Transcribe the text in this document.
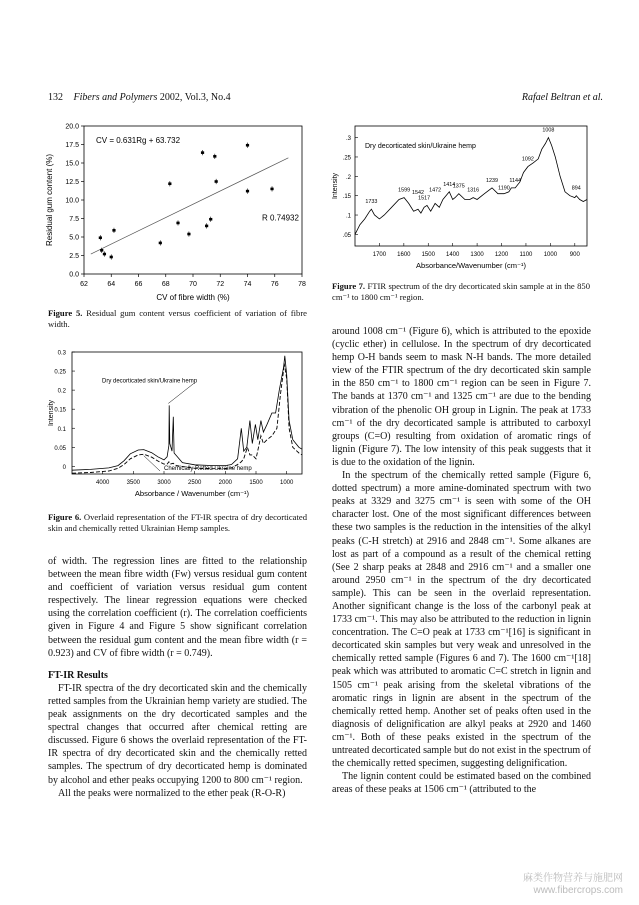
132 Fibers and Polymers 2002, Vol.3, No.4	Rafael Beltran et al.
0.0
2.5
5.0
7.5
10.0
12.5
15.0
17.5
20.0
62	64	66	68	70	72	74	76	78
CV of fibre width (%)
Residual gum content (%)
CV = 0.631Rg + 63.732
R 0.74932
0.3
0.25
0.2
0.15
0.1
0.05
0
4000	3500	3000	2500	2000	1500	1000
Absorbance / Wavenumber (cm⁻¹)
Intensity
Dry decorticated skin/Ukraine hemp
Chemically Retted Ukraine hemp
.3
.25
.2
.15
.1
.05
1700 1600 1500 1400 1300 1200 1100 1000 900
Absorbance/Wavenumber (cm⁻¹)
Intensity
Dry decorticated skin/Ukraine hemp
1733
1599 1542
1517
1472
1414
1375
1316
1239
1190
1144
1092
1008
894
Figure 5. Residual gum content versus coefficient of variation of fibre width.
Figure 6. Overlaid representation of the FT-IR spectra of dry decorticated skin and chemically retted Ukrainian Hemp samples.
Figure 7. FTIR spectrum of the dry decorticated skin sample at in the 850 cm⁻¹ to 1800 cm⁻¹ region.

of width. The regression lines are fitted to the relationship between the mean fibre width (Fw) versus residual gum content and coefficient of variation versus residual gum content respectively. The linear regression equations were checked using the correlation coefficient (r). The correlation coefficients given in Figure 4 and Figure 5 show significant correlation between the residual gum content and the mean fibre width (r = 0.923) and CV of fibre width (r = 0.749).

FT-IR Results

FT-IR spectra of the dry decorticated skin and the chemically retted samples from the Ukrainian hemp variety are studied. The peak assignments on the dry decorticated samples and the spectral changes that occurred after chemical retting are discussed. Figure 6 shows the overlaid representation of the FT-IR spectra of dry decorticated skin and the chemically retted samples. The spectrum of dry decorticated hemp is dominated by alcohol and ether peaks occupying 1200 to 800 cm⁻¹ region.

All the peaks were normalized to the ether peak (R-O-R)

around 1008 cm⁻¹ (Figure 6), which is attributed to the epoxide (cyclic ether) in cellulose. In the spectrum of dry decorticated hemp O-H bands seem to mask N-H bands. The more detailed view of the FTIR spectrum of the dry decorticated skin sample in the 850 cm⁻¹ to 1800 cm⁻¹ region can be seen in Figure 7. The bands at 1370 cm⁻¹ and 1325 cm⁻¹ are due to the bending vibration of the phenolic OH group in Lignin. The peak at 1733 cm⁻¹ of the dry decorticated sample is attributed to carboxyl groups (C=O) resulting from oxidation of aromatic rings of lignin (Figure 7). The low intensity of this peak suggests that it is due to the oxidation of the lignin.

In the spectrum of the chemically retted sample (Figure 6, dotted spectrum) a more amine-dominated spectrum with two peaks at 3329 and 3275 cm⁻¹ is seen with some of the OH character lost. One of the most significant differences between these two samples is the reduction in the intensities of the alkyl peaks (C-H stretch) at 2916 and 2848 cm⁻¹. Some alkanes are lost as part of a compound as a result of the chemical retting (See 2 sharp peaks at 2848 and 2916 cm⁻¹ and a smaller one around 2950 cm⁻¹ in the spectrum of the dry decorticated sample). This can be seen in the overlaid representation. Another significant change is the loss of the carbonyl peak at 1733 cm⁻¹. This may also be attributed to the reduction in lignin concentration. The C=O peak at 1733 cm⁻¹[16] is significant in decorticated skin samples but very weak and unresolved in the chemically retted sample (Figures 6 and 7). The 1600 cm⁻¹[18] peak which was attributed to aromatic C=C stretch in lignin and 1505 cm⁻¹ peak arising from the skeletal vibrations of the aromatic rings in lignin are absent in the spectrum of the chemically retted hemp. Another set of peaks often used in the diagnosis of delignification are alkyl peaks at 2920 and 1460 cm⁻¹. Both of these peaks existed in the spectrum of the untreated decorticated sample but do not exist in the spectrum of the chemically retted specimen, suggesting delignification.

The lignin content could be estimated based on the combined areas of these peaks at 1506 cm⁻¹ (attributed to the

麻类作物营养与施肥网
www.fibercrops.com
